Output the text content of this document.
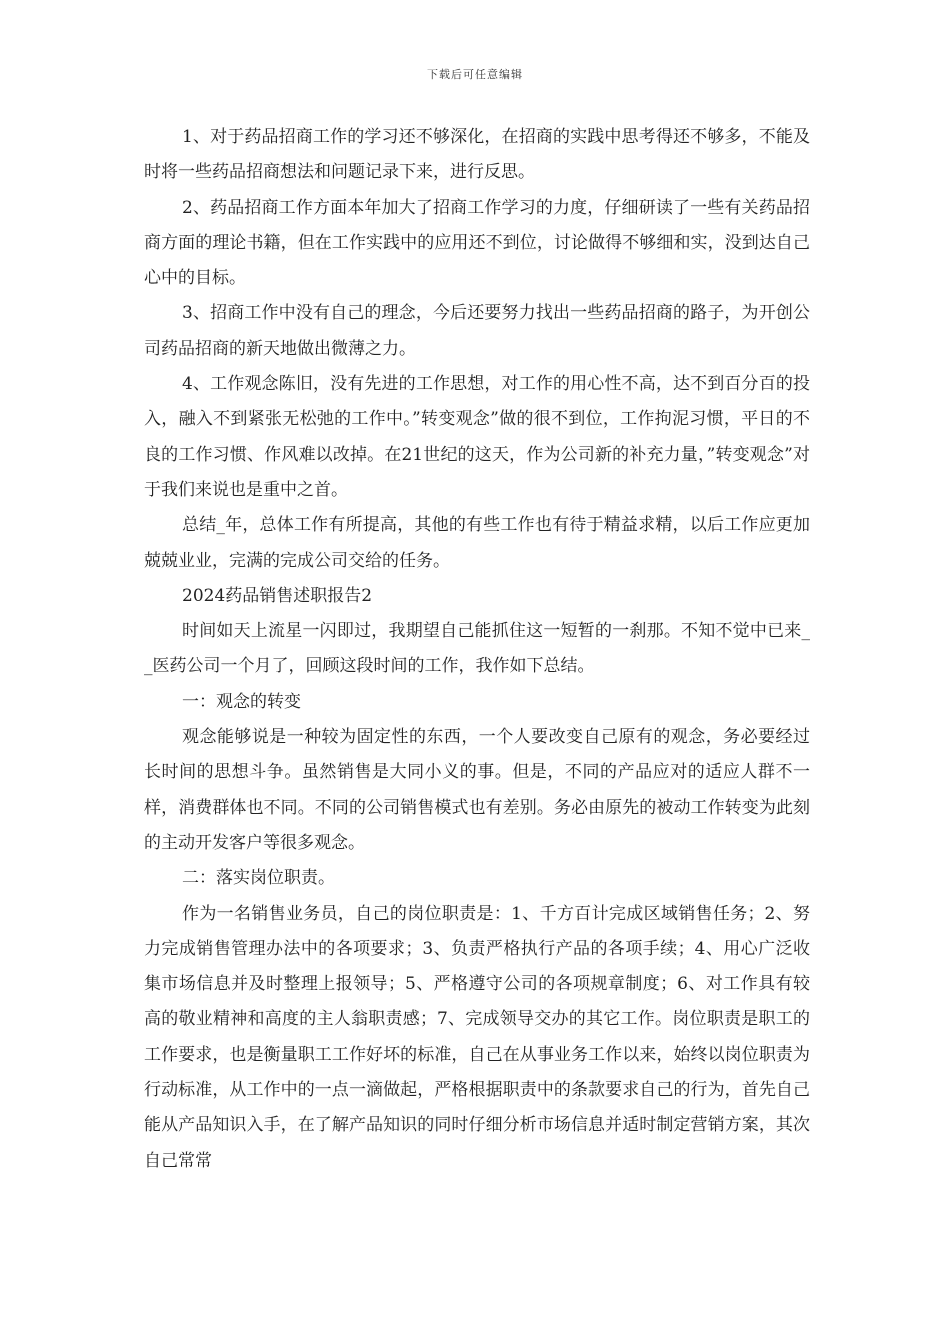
下载后可任意编辑

1、对于药品招商工作的学习还不够深化，在招商的实践中思考得还不够多，不能及时将一些药品招商想法和问题记录下来，进行反思。

2、药品招商工作方面本年加大了招商工作学习的力度，仔细研读了一些有关药品招商方面的理论书籍，但在工作实践中的应用还不到位，讨论做得不够细和实，没到达自己心中的目标。

3、招商工作中没有自己的理念，今后还要努力找出一些药品招商的路子，为开创公司药品招商的新天地做出微薄之力。

4、工作观念陈旧，没有先进的工作思想，对工作的用心性不高，达不到百分百的投入，融入不到紧张无松弛的工作中。”转变观念”做的很不到位，工作拘泥习惯，平日的不良的工作习惯、作风难以改掉。在21世纪的这天，作为公司新的补充力量，”转变观念”对于我们来说也是重中之首。

总结_年，总体工作有所提高，其他的有些工作也有待于精益求精，以后工作应更加兢兢业业，完满的完成公司交给的任务。

2024药品销售述职报告2

时间如天上流星一闪即过，我期望自己能抓住这一短暂的一刹那。不知不觉中已来__医药公司一个月了，回顾这段时间的工作，我作如下总结。

一：观念的转变

观念能够说是一种较为固定性的东西，一个人要改变自己原有的观念，务必要经过长时间的思想斗争。虽然销售是大同小义的事。但是，不同的产品应对的适应人群不一样，消费群体也不同。不同的公司销售模式也有差别。务必由原先的被动工作转变为此刻的主动开发客户等很多观念。

二：落实岗位职责。

作为一名销售业务员，自己的岗位职责是：1、千方百计完成区域销售任务；2、努力完成销售管理办法中的各项要求；3、负责严格执行产品的各项手续；4、用心广泛收集市场信息并及时整理上报领导；5、严格遵守公司的各项规章制度；6、对工作具有较高的敬业精神和高度的主人翁职责感；7、完成领导交办的其它工作。岗位职责是职工的工作要求，也是衡量职工工作好坏的标准，自己在从事业务工作以来，始终以岗位职责为行动标准，从工作中的一点一滴做起，严格根据职责中的条款要求自己的行为，首先自己能从产品知识入手，在了解产品知识的同时仔细分析市场信息并适时制定营销方案，其次自己常常
